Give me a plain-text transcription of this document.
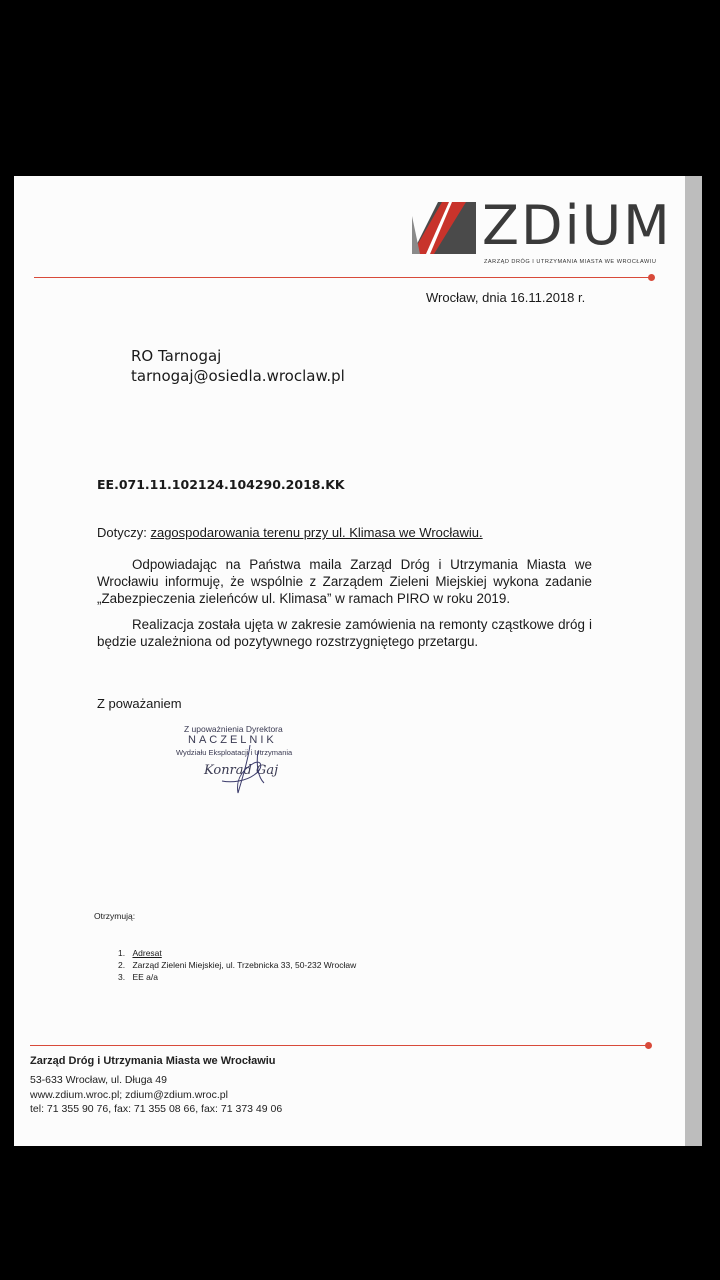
ZDiUM
ZARZĄD DRÓG I UTRZYMANIA MIASTA WE WROCŁAWIU
Wrocław, dnia 16.11.2018 r.
RO Tarnogaj
tarnogaj@osiedla.wroclaw.pl
EE.071.11.102124.104290.2018.KK
Dotyczy: zagospodarowania terenu przy ul. Klimasa we Wrocławiu.
Odpowiadając na Państwa maila Zarząd Dróg i Utrzymania Miasta we Wrocławiu informuję, że wspólnie z Zarządem Zieleni Miejskiej wykona zadanie „Zabezpieczenia zieleńców ul. Klimasa” w ramach PIRO w roku 2019.
Realizacja została ujęta w zakresie zamówienia na remonty cząstkowe dróg i będzie uzależniona od pozytywnego rozstrzygniętego przetargu.
Z poważaniem
Z upoważnienia Dyrektora
NACZELNIK
Wydziału Eksploatacji i Utrzymania
Konrad Gaj
Otrzymują:
1. Adresat
2. Zarząd Zieleni Miejskiej, ul. Trzebnicka 33, 50-232 Wrocław
3. EE a/a
Zarząd Dróg i Utrzymania Miasta we Wrocławiu
53-633 Wrocław, ul. Długa 49
www.zdium.wroc.pl; zdium@zdium.wroc.pl
tel: 71 355 90 76, fax: 71 355 08 66, fax: 71 373 49 06
